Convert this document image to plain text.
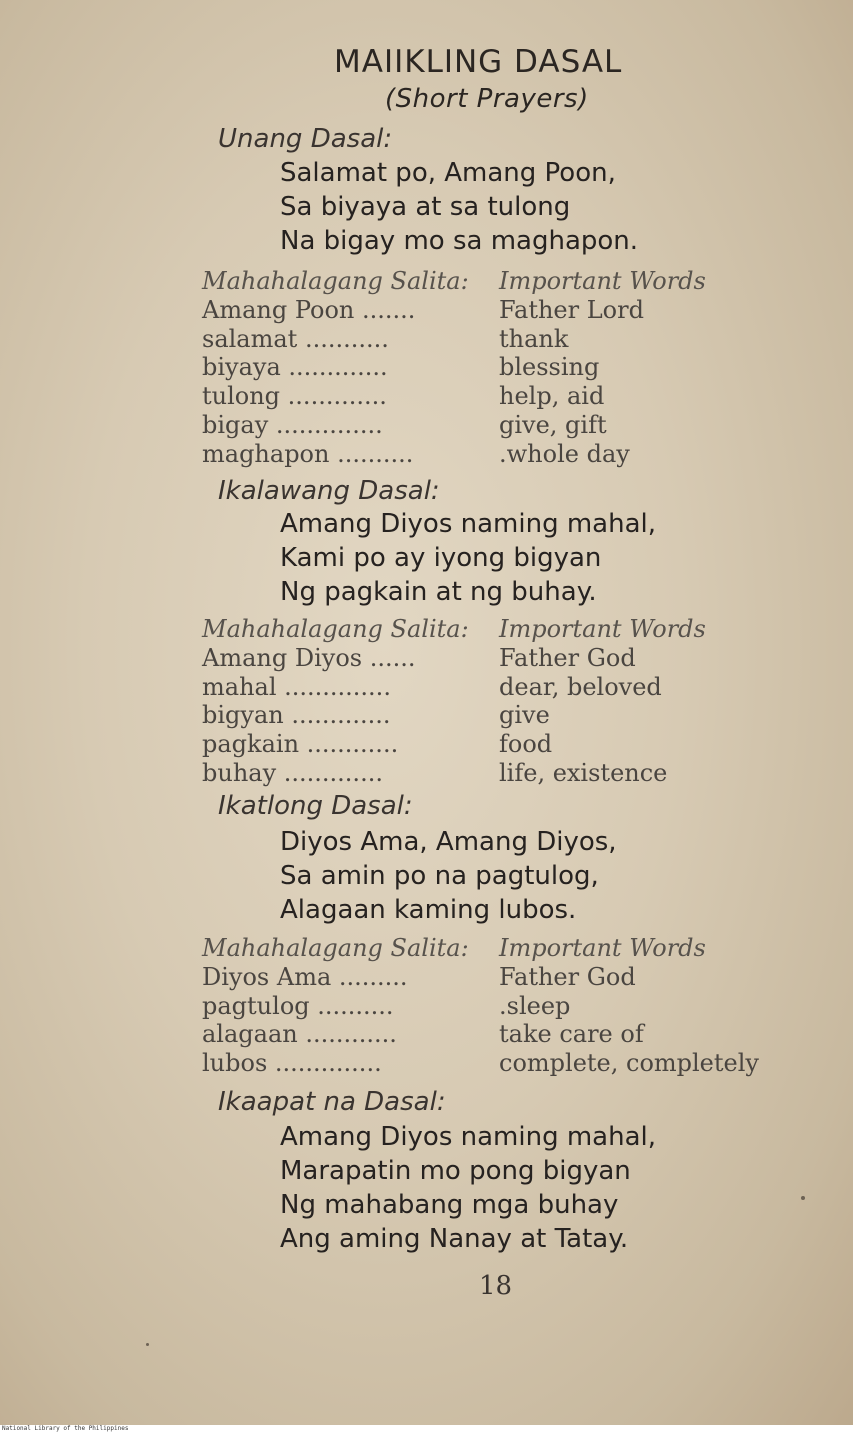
MAIIKLING DASAL
(Short Prayers)
Unang Dasal:
Salamat po, Amang Poon,
Sa biyaya at sa tulong
Na bigay mo sa maghapon.
Mahahalagang Salita: Important Words
Amang Poon .......	Father Lord
salamat ...........	thank
biyaya .............	blessing
tulong .............	help, aid
bigay ..............	give, gift
maghapon ..........	.whole day
Ikalawang Dasal:
Amang Diyos naming mahal,
Kami po ay iyong bigyan
Ng pagkain at ng buhay.
Mahahalagang Salita: Important Words
Amang Diyos ......	Father God
mahal ..............	dear, beloved
bigyan .............	give
pagkain ............	food
buhay .............	life, existence
Ikatlong Dasal:
Diyos Ama, Amang Diyos,
Sa amin po na pagtulog,
Alagaan kaming lubos.
Mahahalagang Salita: Important Words
Diyos Ama .........	Father God
pagtulog ..........	.sleep
alagaan ............	take care of
lubos ..............	complete, completely
Ikaapat na Dasal:
Amang Diyos naming mahal,
Marapatin mo pong bigyan
Ng mahabang mga buhay
Ang aming Nanay at Tatay.
18
National Library of the Philippines
